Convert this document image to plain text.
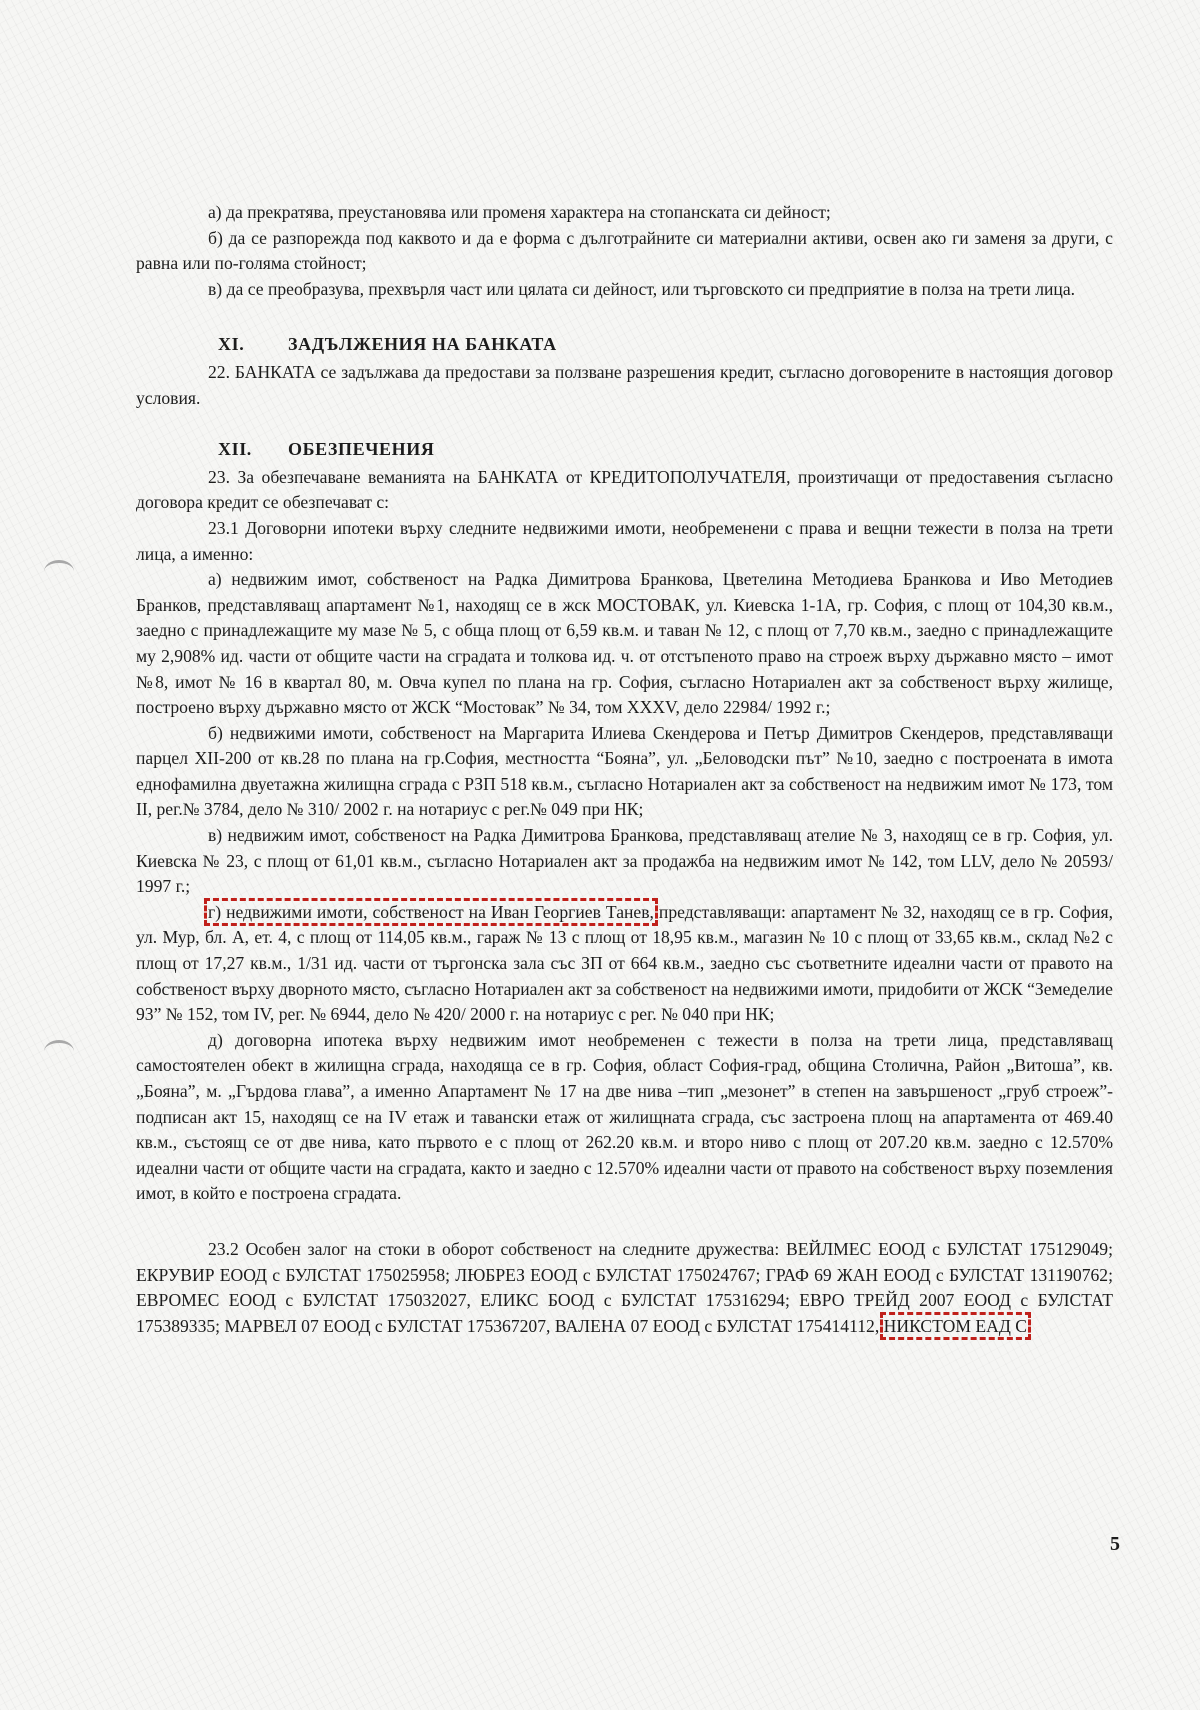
а) да прекратява, преустановява или променя характера на стопанската си дейност;

б) да се разпорежда под каквото и да е форма с дълготрайните си материални активи, освен ако ги заменя за други, с равна или по-голяма стойност;

в) да се преобразува, прехвърля част или цялата си дейност, или търговското си предприятие в полза на трети лица.

XI. ЗАДЪЛЖЕНИЯ НА БАНКАТА

22. БАНКАТА се задължава да предостави за ползване разрешения кредит, съгласно договорените в настоящия договор условия.

XII. ОБЕЗПЕЧЕНИЯ

23. За обезпечаване веманията на БАНКАТА от КРЕДИТОПОЛУЧАТЕЛЯ, произтичащи от предоставения съгласно договора кредит се обезпечават с:

23.1 Договорни ипотеки върху следните недвижими имоти, необременени с права и вещни тежести в полза на трети лица, а именно:

а) недвижим имот, собственост на Радка Димитрова Бранкова, Цветелина Методиева Бранкова и Иво Методиев Бранков, представляващ апартамент №1, находящ се в жск МОСТОВАК, ул. Киевска 1-1А, гр. София, с площ от 104,30 кв.м., заедно с принадлежащите му мазе № 5, с обща площ от 6,59 кв.м. и таван № 12, с площ от 7,70 кв.м., заедно с принадлежащите му 2,908% ид. части от общите части на сградата и толкова ид. ч. от отстъпеното право на строеж върху държавно място – имот №8, имот № 16 в квартал 80, м. Овча купел по плана на гр. София, съгласно Нотариален акт за собственост върху жилище, построено върху държавно място от ЖСК “Мостовак” № 34, том XXXV, дело 22984/ 1992 г.;

б) недвижими имоти, собственост на Маргарита Илиева Скендерова и Петър Димитров Скендеров, представляващи парцел XII-200 от кв.28 по плана на гр.София, местността “Бояна”, ул. „Беловодски път” №10, заедно с построената в имота еднофамилна двуетажна жилищна сграда с РЗП 518 кв.м., съгласно Нотариален акт за собственост на недвижим имот № 173, том II, рег.№ 3784, дело № 310/ 2002 г. на нотариус с рег.№ 049 при НК;

в) недвижим имот, собственост на Радка Димитрова Бранкова, представляващ ателие № 3, находящ се в гр. София, ул. Киевска № 23, с площ от 61,01 кв.м., съгласно Нотариален акт за продажба на недвижим имот № 142, том LLV, дело № 20593/ 1997 г.;

г) недвижими имоти, собственост на Иван Георгиев Танев, представляващи: апартамент № 32, находящ се в гр. София, ул. Мур, бл. А, ет. 4, с площ от 114,05 кв.м., гараж № 13 с площ от 18,95 кв.м., магазин № 10 с площ от 33,65 кв.м., склад №2 с площ от 17,27 кв.м., 1/31 ид. части от търгонска зала със ЗП от 664 кв.м., заедно със съответните идеални части от правото на собственост върху дворното място, съгласно Нотариален акт за собственост на недвижими имоти, придобити от ЖСК “Земеделие 93” № 152, том IV, рег. № 6944, дело № 420/ 2000 г. на нотариус с рег. № 040 при НК;

д) договорна ипотека върху недвижим имот необременен с тежести в полза на трети лица, представляващ самостоятелен обект в жилищна сграда, находяща се в гр. София, област София-град, община Столична, Район „Витоша”, кв. „Бояна”, м. „Гърдова глава”, а именно Апартамент № 17 на две нива –тип „мезонет” в степен на завършеност „груб строеж”- подписан акт 15, находящ се на IV етаж и тавански етаж от жилищната сграда, със застроена площ на апартамента от 469.40 кв.м., състоящ се от две нива, като първото е с площ от 262.20 кв.м. и второ ниво с площ от 207.20 кв.м. заедно с 12.570% идеални части от общите части на сградата, както и заедно с 12.570% идеални части от правото на собственост върху поземления имот, в който е построена сградата.

23.2 Особен залог на стоки в оборот собственост на следните дружества: ВЕЙЛМЕС ЕООД с БУЛСТАТ 175129049; ЕКРУВИР ЕООД с БУЛСТАТ 175025958; ЛЮБРЕЗ ЕООД с БУЛСТАТ 175024767; ГРАФ 69 ЖАН ЕООД с БУЛСТАТ 131190762; ЕВРОМЕС ЕООД с БУЛСТАТ 175032027, ЕЛИКС БООД с БУЛСТАТ 175316294; ЕВРО ТРЕЙД 2007 ЕООД с БУЛСТАТ 175389335; МАРВЕЛ 07 ЕООД с БУЛСТАТ 175367207, ВАЛЕНА 07 ЕООД с БУЛСТАТ 175414112, НИКСТОМ ЕАД С

5
